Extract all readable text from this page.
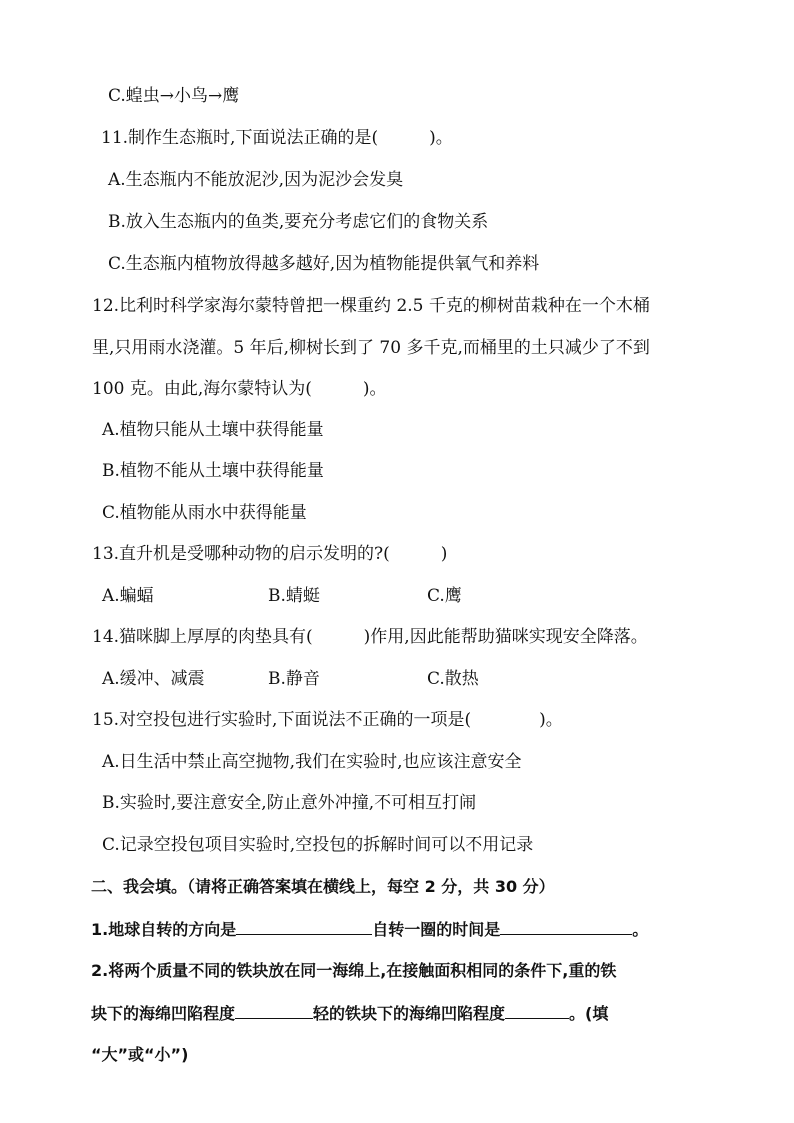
C.蝗虫→小鸟→鹰
11.制作生态瓶时,下面说法正确的是(　　　)。
A.生态瓶内不能放泥沙,因为泥沙会发臭
B.放入生态瓶内的鱼类,要充分考虑它们的食物关系
C.生态瓶内植物放得越多越好,因为植物能提供氧气和养料
12.比利时科学家海尔蒙特曾把一棵重约 2.5 千克的柳树苗栽种在一个木桶
里,只用雨水浇灌。5 年后,柳树长到了 70 多千克,而桶里的土只减少了不到
100 克。由此,海尔蒙特认为(　　　)。
A.植物只能从土壤中获得能量
B.植物不能从土壤中获得能量
C.植物能从雨水中获得能量
13.直升机是受哪种动物的启示发明的?(　　　)
A.蝙蝠	B.蜻蜓	C.鹰
14.猫咪脚上厚厚的肉垫具有(　　　)作用,因此能帮助猫咪实现安全降落。
A.缓冲、减震	B.静音	C.散热
15.对空投包进行实验时,下面说法不正确的一项是(　　　　)。
A.日生活中禁止高空抛物,我们在实验时,也应该注意安全
B.实验时,要注意安全,防止意外冲撞,不可相互打闹
C.记录空投包项目实验时,空投包的拆解时间可以不用记录
二、我会填。（请将正确答案填在横线上，每空 2 分，共 30 分）
1.地球自转的方向是	自转一圈的时间是	。
2.将两个质量不同的铁块放在同一海绵上,在接触面积相同的条件下,重的铁
块下的海绵凹陷程度	轻的铁块下的海绵凹陷程度	。(填
“大”或“小”)
